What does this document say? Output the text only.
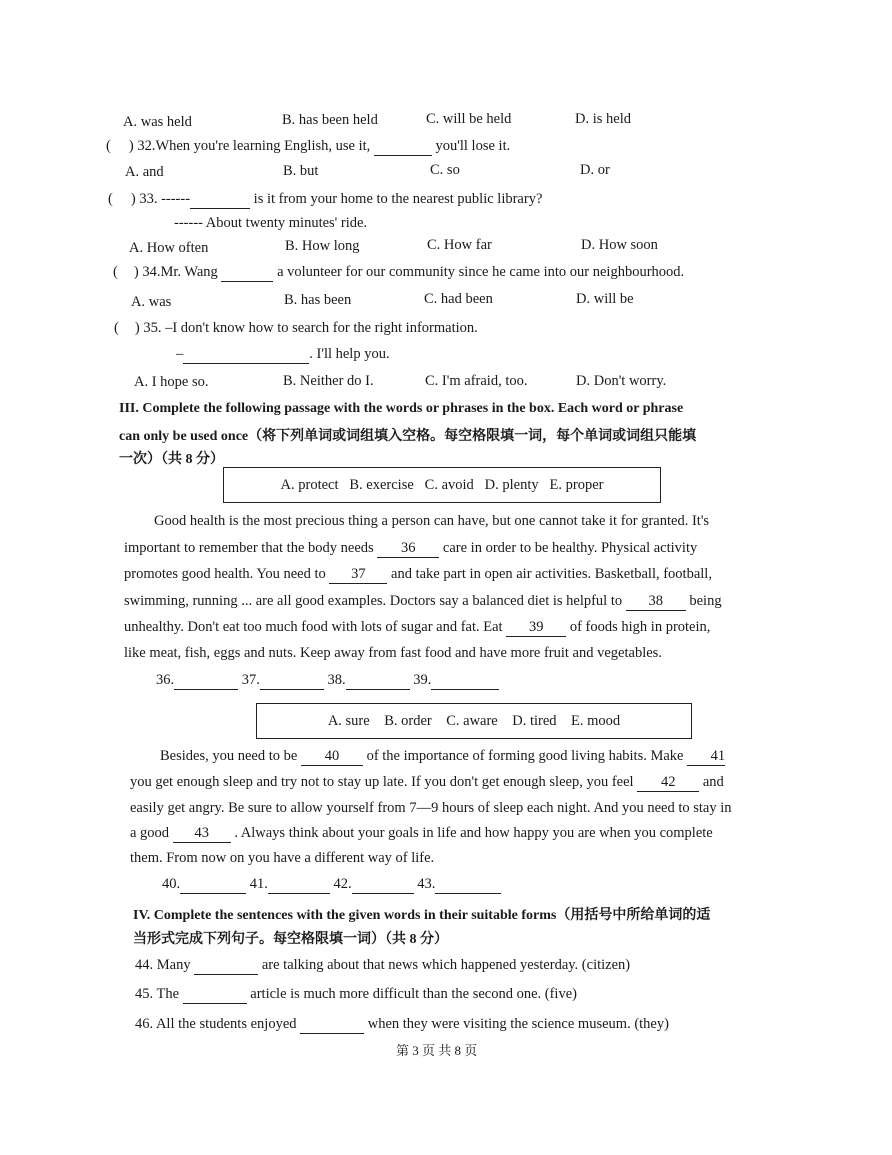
A. was held	B. has been held	C. will be held	D. is held
( ) 32.When you're learning English, use it,	you'll lose it.
A. and	B. but	C. so	D. or
( ) 33. ------	is it from your home to the nearest public library?
------ About twenty minutes' ride.
A. How often	B. How long	C. How far	D. How soon
( ) 34.Mr. Wang	a volunteer for our community since he came into our neighbourhood.
A. was	B. has been	C. had been	D. will be
( ) 35. –I don't know how to search for the right information.
–	. I'll help you.
A. I hope so.	B. Neither do I.	C. I'm afraid, too.	D. Don't worry.
III. Complete the following passage with the words or phrases in the box. Each word or phrase
can only be used once（将下列单词或词组填入空格。每空格限填一词，每个单词或词组只能填
一次）（共 8 分）
A. protect   B. exercise   C. avoid   D. plenty   E. proper
Good health is the most precious thing a person can have, but one cannot take it for granted. It's
important to remember that the body needs 36 care in order to be healthy. Physical activity
promotes good health. You need to 37 and take part in open air activities. Basketball, football,
swimming, running ... are all good examples. Doctors say a balanced diet is helpful to 38 being
unhealthy. Don't eat too much food with lots of sugar and fat. Eat 39 of foods high in protein,
like meat, fish, eggs and nuts. Keep away from fast food and have more fruit and vegetables.
36.	37.	38.	39.
A. sure    B. order    C. aware    D. tired    E. mood
Besides, you need to be 40 of the importance of forming good living habits. Make 41
you get enough sleep and try not to stay up late. If you don't get enough sleep, you feel 42 and
easily get angry. Be sure to allow yourself from 7—9 hours of sleep each night. And you need to stay in
a good 43 . Always think about your goals in life and how happy you are when you complete
them. From now on you have a different way of life.
40.	41.	42.	43.
IV. Complete the sentences with the given words in their suitable forms（用括号中所给单词的适
当形式完成下列句子。每空格限填一词）（共 8 分）
44. Many	are talking about that news which happened yesterday. (citizen)
45. The	article is much more difficult than the second one. (five)
46. All the students enjoyed	when they were visiting the science museum. (they)
第 3 页 共 8 页
